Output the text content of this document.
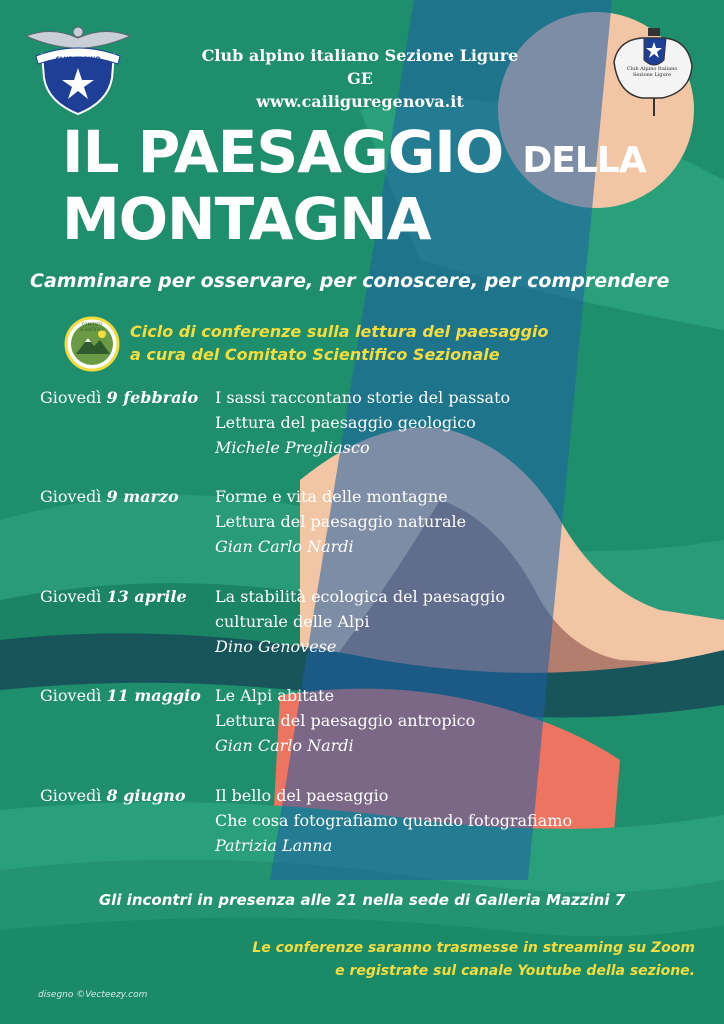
CLUB ALPINO ITALIANO	Club Alpino Italiano Sezione Ligure
Club alpino italiano Sezione Ligure GE
www.cailiguregenova.it
IL PAESAGGIO DELLA
MONTAGNA
Camminare per osservare, per conoscere, per comprendere
COMITATO SCIENTIFICO	Ciclo di conferenze sulla lettura del paesaggio
a cura del Comitato Scientifico Sezionale
Giovedì 9 febbraio I sassi raccontano storie del passato
Lettura del paesaggio geologico
Michele Pregliasco
Giovedì 9 marzo Forme e vita delle montagne
Lettura del paesaggio naturale
Gian Carlo Nardi
Giovedì 13 aprile La stabilità ecologica del paesaggio
culturale delle Alpi
Dino Genovese
Giovedì 11 maggio Le Alpi abitate
Lettura del paesaggio antropico
Gian Carlo Nardi
Giovedì 8 giugno Il bello del paesaggio
Che cosa fotografiamo quando fotografiamo
Patrizia Lanna
Gli incontri in presenza alle 21 nella sede di Galleria Mazzini 7
Le conferenze saranno trasmesse in streaming su Zoom
e registrate sul canale Youtube della sezione.
disegno ©Vecteezy.com
